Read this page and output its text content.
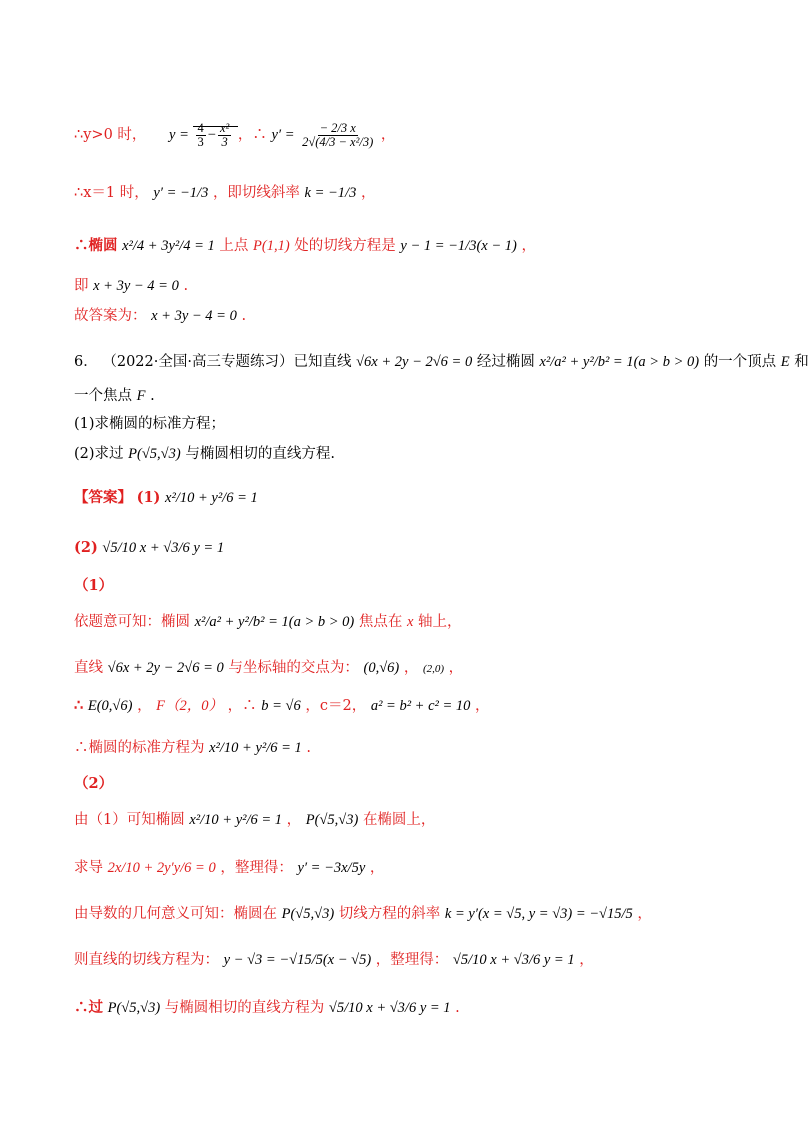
∴y>0 时， $y = \frac{4}{3} - \frac{\text{x²}}{3}$ ，∴ $y' = \frac{- 2/3 x}{\text{2√(4/3 − x²/3)}}$ ，
∴x＝1 时， y′ = −1/3 ，即切线斜率 k = −1/3 ，
∴椭圆 x²/4 + 3y²/4 = 1 上点 P(1,1) 处的切线方程是 y − 1 = −1/3(x − 1) ，
即 x + 3y − 4 = 0 .
故答案为： x + 3y − 4 = 0 .
6． （2022·全国·高三专题练习）已知直线 √6x + 2y − 2√6 = 0 经过椭圆 x²/a² + y²/b² = 1(a > b > 0) 的一个顶点 E 和
一个焦点 F .
(1)求椭圆的标准方程；
(2)求过 P(√5,√3) 与椭圆相切的直线方程.
【答案】 (1) x²/10 + y²/6 = 1
(2) √5/10 x + √3/6 y = 1
（1）
依题意可知：椭圆 x²/a² + y²/b² = 1(a > b > 0) 焦点在 x 轴上，
直线 √6x + 2y − 2√6 = 0 与坐标轴的交点为： (0,√6) ， (2,0) ，
∴ E(0,√6) ， F（2，0） ，∴ b = √6 ，c＝2， a² = b² + c² = 10 ，
∴椭圆的标准方程为 x²/10 + y²/6 = 1 .
（2）
由（1）可知椭圆 x²/10 + y²/6 = 1 ， P(√5,√3) 在椭圆上，
求导 2x/10 + 2y′y/6 = 0 ，整理得： y′ = −3x/5y ，
由导数的几何意义可知：椭圆在 P(√5,√3) 切线方程的斜率 k = y′(x = √5, y = √3) = −√15/5 ，
则直线的切线方程为： y − √3 = −√15/5(x − √5) ，整理得： √5/10 x + √3/6 y = 1 ，
∴过 P(√5,√3) 与椭圆相切的直线方程为 √5/10 x + √3/6 y = 1 .
